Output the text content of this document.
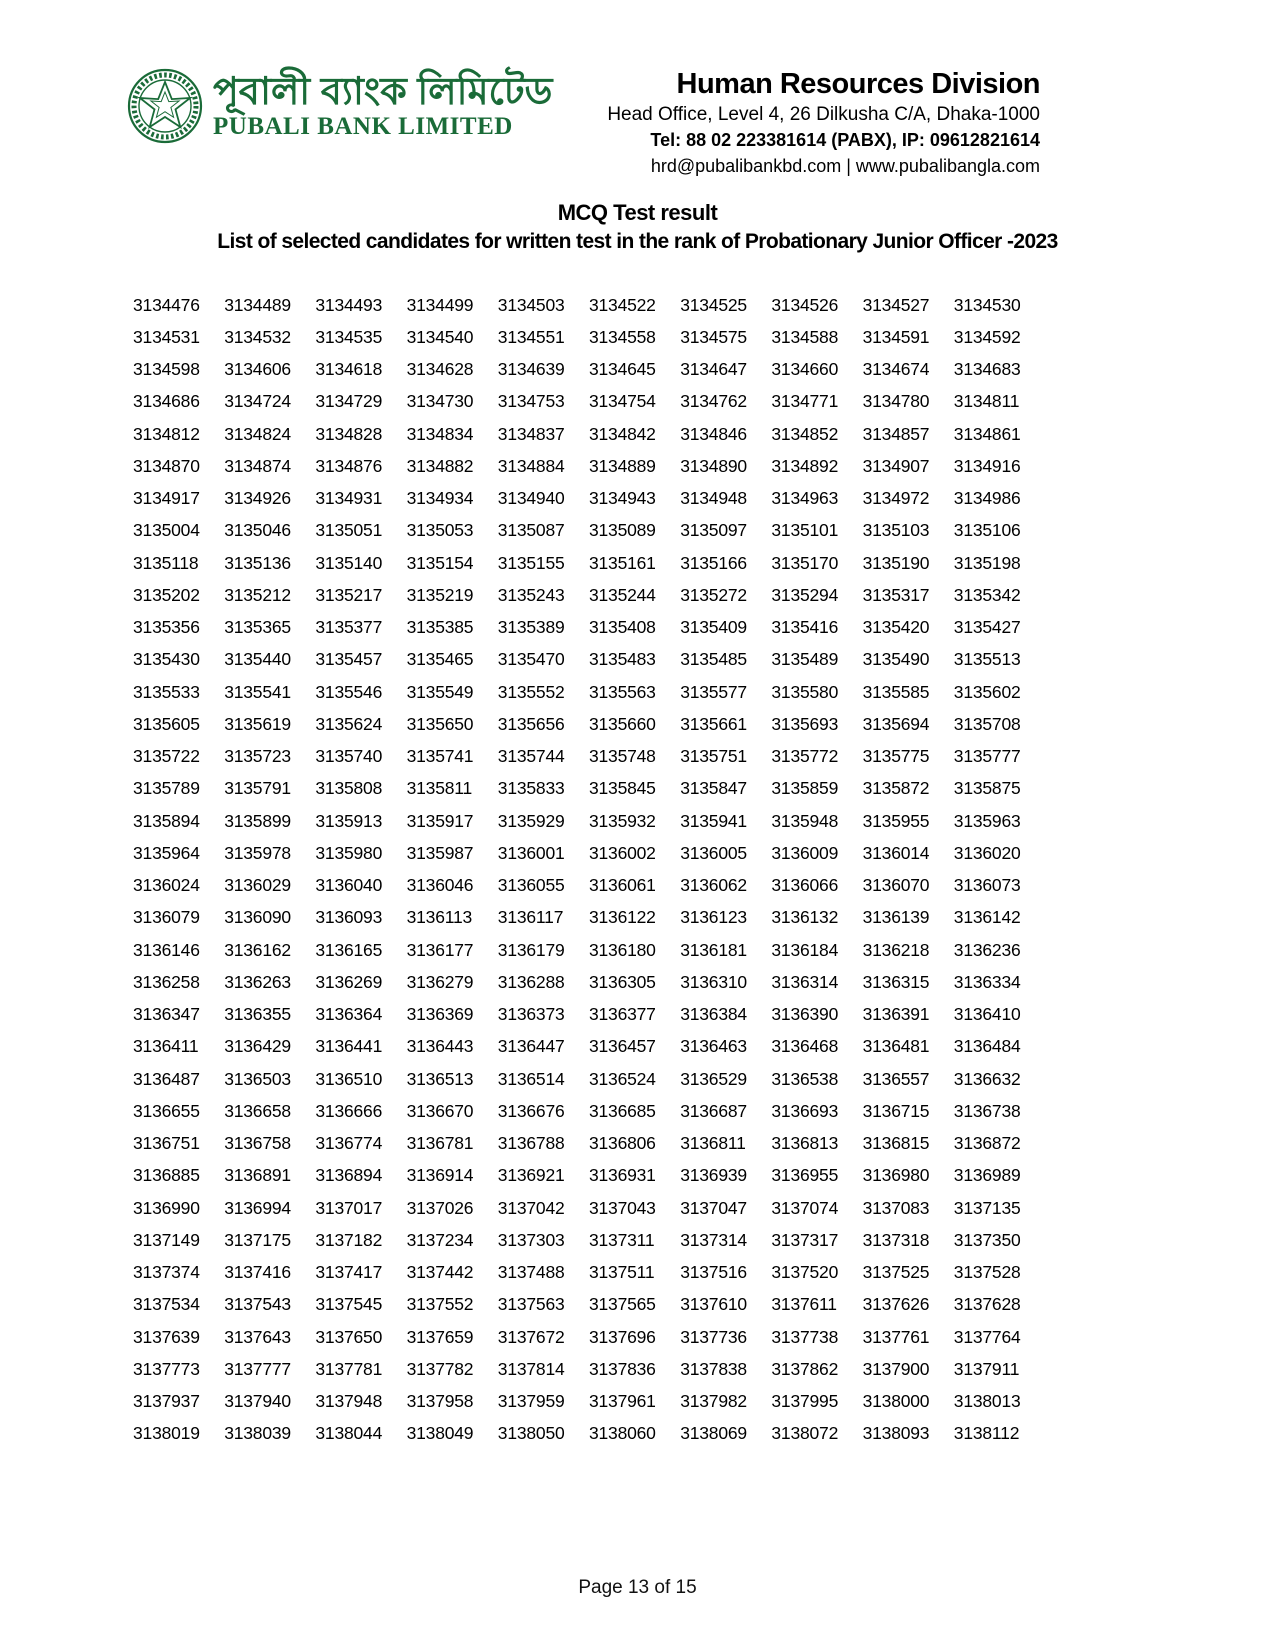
পূবালী ব্যাংক লিমিটেড
PUBALI BANK LIMITED
Human Resources Division
Head Office, Level 4, 26 Dilkusha C/A, Dhaka-1000
Tel: 88 02 223381614 (PABX), IP: 09612821614
hrd@pubalibankbd.com | www.pubalibangla.com
MCQ Test result
List of selected candidates for written test in the rank of Probationary Junior Officer -2023
3134476 3134489 3134493 3134499 3134503 3134522 3134525 3134526 3134527 3134530
3134531 3134532 3134535 3134540 3134551 3134558 3134575 3134588 3134591 3134592
3134598 3134606 3134618 3134628 3134639 3134645 3134647 3134660 3134674 3134683
3134686 3134724 3134729 3134730 3134753 3134754 3134762 3134771 3134780 3134811
3134812 3134824 3134828 3134834 3134837 3134842 3134846 3134852 3134857 3134861
3134870 3134874 3134876 3134882 3134884 3134889 3134890 3134892 3134907 3134916
3134917 3134926 3134931 3134934 3134940 3134943 3134948 3134963 3134972 3134986
3135004 3135046 3135051 3135053 3135087 3135089 3135097 3135101 3135103 3135106
3135118 3135136 3135140 3135154 3135155 3135161 3135166 3135170 3135190 3135198
3135202 3135212 3135217 3135219 3135243 3135244 3135272 3135294 3135317 3135342
3135356 3135365 3135377 3135385 3135389 3135408 3135409 3135416 3135420 3135427
3135430 3135440 3135457 3135465 3135470 3135483 3135485 3135489 3135490 3135513
3135533 3135541 3135546 3135549 3135552 3135563 3135577 3135580 3135585 3135602
3135605 3135619 3135624 3135650 3135656 3135660 3135661 3135693 3135694 3135708
3135722 3135723 3135740 3135741 3135744 3135748 3135751 3135772 3135775 3135777
3135789 3135791 3135808 3135811 3135833 3135845 3135847 3135859 3135872 3135875
3135894 3135899 3135913 3135917 3135929 3135932 3135941 3135948 3135955 3135963
3135964 3135978 3135980 3135987 3136001 3136002 3136005 3136009 3136014 3136020
3136024 3136029 3136040 3136046 3136055 3136061 3136062 3136066 3136070 3136073
3136079 3136090 3136093 3136113 3136117 3136122 3136123 3136132 3136139 3136142
3136146 3136162 3136165 3136177 3136179 3136180 3136181 3136184 3136218 3136236
3136258 3136263 3136269 3136279 3136288 3136305 3136310 3136314 3136315 3136334
3136347 3136355 3136364 3136369 3136373 3136377 3136384 3136390 3136391 3136410
3136411 3136429 3136441 3136443 3136447 3136457 3136463 3136468 3136481 3136484
3136487 3136503 3136510 3136513 3136514 3136524 3136529 3136538 3136557 3136632
3136655 3136658 3136666 3136670 3136676 3136685 3136687 3136693 3136715 3136738
3136751 3136758 3136774 3136781 3136788 3136806 3136811 3136813 3136815 3136872
3136885 3136891 3136894 3136914 3136921 3136931 3136939 3136955 3136980 3136989
3136990 3136994 3137017 3137026 3137042 3137043 3137047 3137074 3137083 3137135
3137149 3137175 3137182 3137234 3137303 3137311 3137314 3137317 3137318 3137350
3137374 3137416 3137417 3137442 3137488 3137511 3137516 3137520 3137525 3137528
3137534 3137543 3137545 3137552 3137563 3137565 3137610 3137611 3137626 3137628
3137639 3137643 3137650 3137659 3137672 3137696 3137736 3137738 3137761 3137764
3137773 3137777 3137781 3137782 3137814 3137836 3137838 3137862 3137900 3137911
3137937 3137940 3137948 3137958 3137959 3137961 3137982 3137995 3138000 3138013
3138019 3138039 3138044 3138049 3138050 3138060 3138069 3138072 3138093 3138112
Page 13 of 15
